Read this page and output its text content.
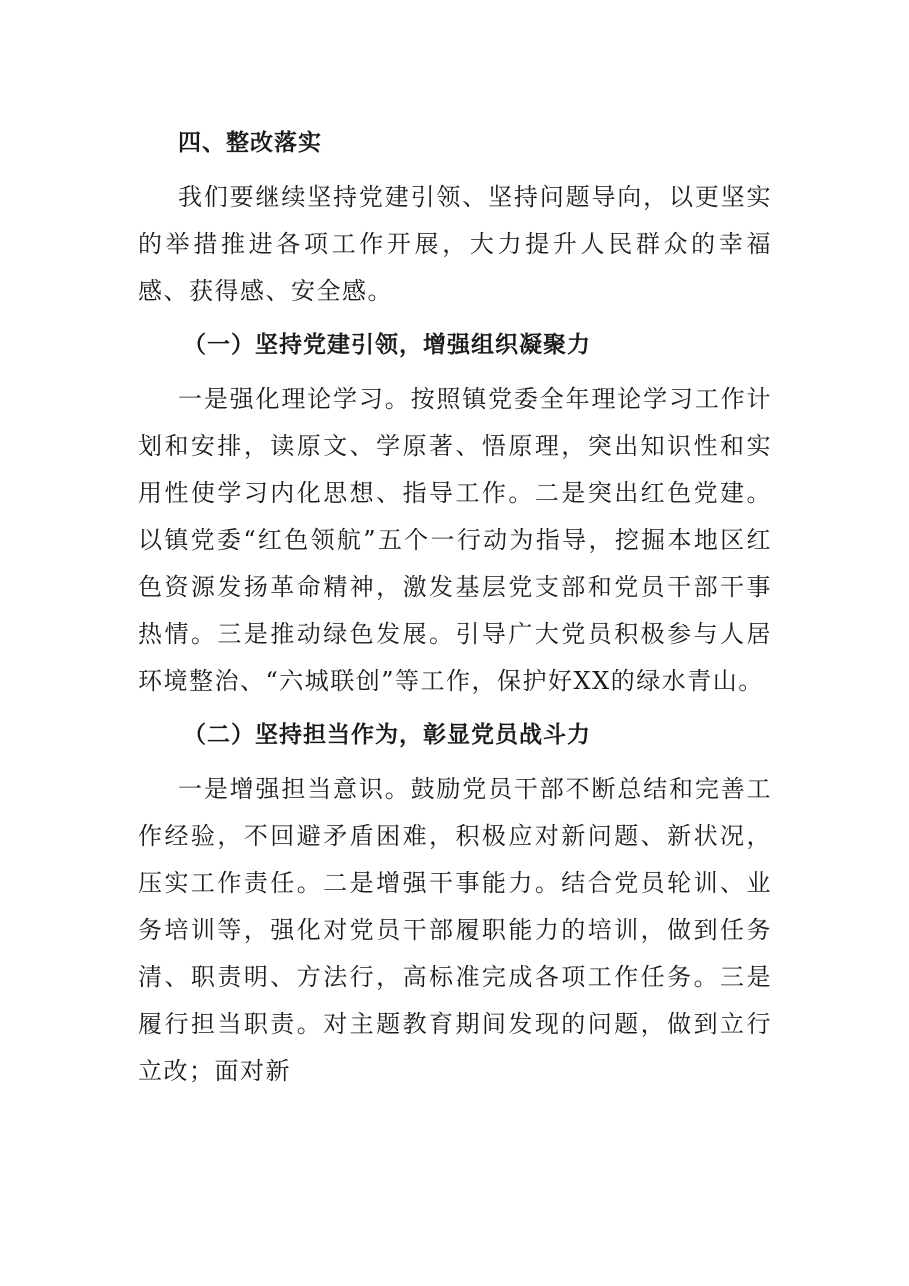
四、整改落实

我们要继续坚持党建引领、坚持问题导向，以更坚实的举措推进各项工作开展，大力提升人民群众的幸福感、获得感、安全感。

（一）坚持党建引领，增强组织凝聚力

一是强化理论学习。按照镇党委全年理论学习工作计划和安排，读原文、学原著、悟原理，突出知识性和实用性使学习内化思想、指导工作。二是突出红色党建。以镇党委“红色领航”五个一行动为指导，挖掘本地区红色资源发扬革命精神，激发基层党支部和党员干部干事热情。三是推动绿色发展。引导广大党员积极参与人居环境整治、“六城联创”等工作，保护好XX的绿水青山。

（二）坚持担当作为，彰显党员战斗力

一是增强担当意识。鼓励党员干部不断总结和完善工作经验，不回避矛盾困难，积极应对新问题、新状况，压实工作责任。二是增强干事能力。结合党员轮训、业务培训等，强化对党员干部履职能力的培训，做到任务清、职责明、方法行，高标准完成各项工作任务。三是履行担当职责。对主题教育期间发现的问题，做到立行立改；面对新
